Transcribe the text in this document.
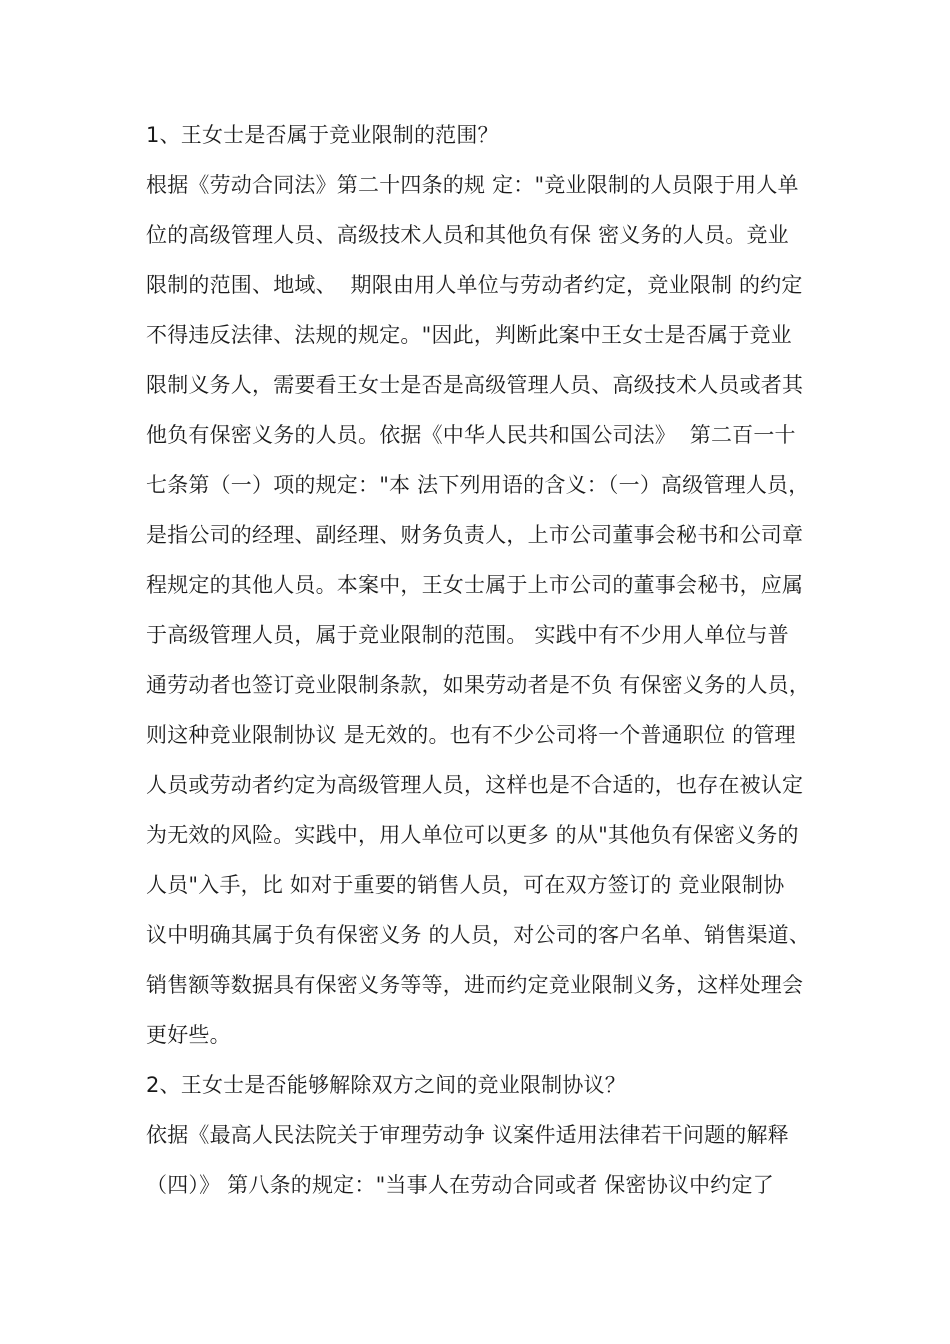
1、王女士是否属于竞业限制的范围？
根据《劳动合同法》第二十四条的规 定："竞业限制的人员限于用人单
位的高级管理人员、高级技术人员和其他负有保 密义务的人员。竞业
限制的范围、地域、  期限由用人单位与劳动者约定，竞业限制 的约定
不得违反法律、法规的规定。"因此，判断此案中王女士是否属于竞业
限制义务人，需要看王女士是否是高级管理人员、高级技术人员或者其
他负有保密义务的人员。依据《中华人民共和国公司法》  第二百一十
七条第（一）项的规定："本 法下列用语的含义：（一）高级管理人员，
是指公司的经理、副经理、财务负责人，上市公司董事会秘书和公司章
程规定的其他人员。本案中，王女士属于上市公司的董事会秘书，应属
于高级管理人员，属于竞业限制的范围。 实践中有不少用人单位与普
通劳动者也签订竞业限制条款，如果劳动者是不负 有保密义务的人员，
则这种竞业限制协议 是无效的。也有不少公司将一个普通职位 的管理
人员或劳动者约定为高级管理人员，这样也是不合适的，也存在被认定
为无效的风险。实践中，用人单位可以更多 的从"其他负有保密义务的
人员"入手，比 如对于重要的销售人员，可在双方签订的 竞业限制协
议中明确其属于负有保密义务 的人员，对公司的客户名单、销售渠道、
销售额等数据具有保密义务等等，进而约定竞业限制义务，这样处理会
更好些。
2、王女士是否能够解除双方之间的竞业限制协议？
依据《最高人民法院关于审理劳动争 议案件适用法律若干问题的解释
（四）》 第八条的规定："当事人在劳动合同或者 保密协议中约定了
